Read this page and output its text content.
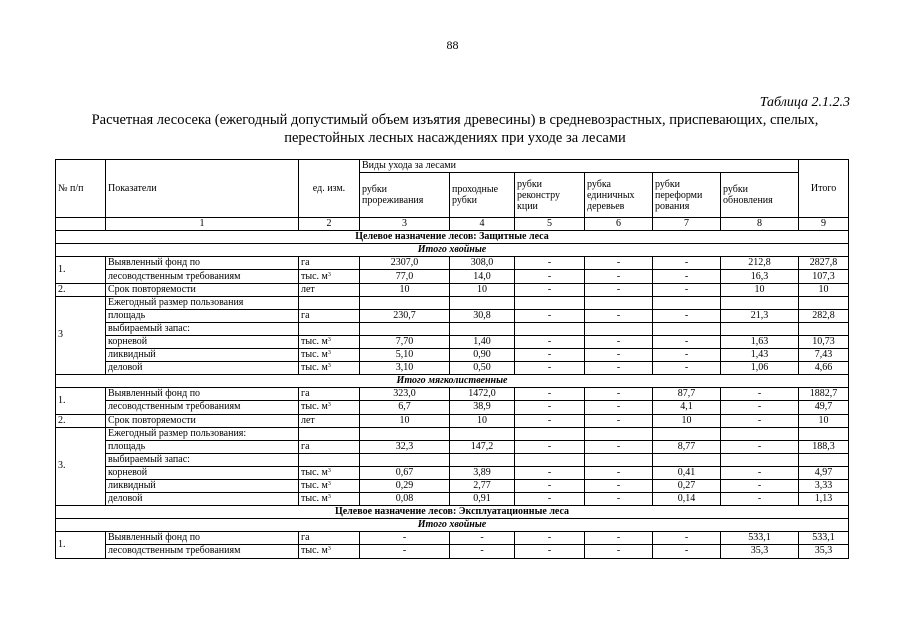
88
Таблица 2.1.2.3
Расчетная лесосека (ежегодный допустимый объем изъятия древесины) в средневозрастных, приспевающих, спелых,
перестойных лесных насаждениях при уходе за лесами
№ п/п	Показатели	ед. изм.	Виды ухода за лесами						Итого
			рубки прореживания	проходные рубки	рубки реконстру кции	рубка единичных деревьев	рубки переформи рования	рубки обновления	
	1	2	3	4	5	6	7	8	9
Целевое назначение лесов: Защитные леса									
Итого хвойные									
1.	Выявленный фонд по	га	2307,0	308,0	-	-	-	212,8	2827,8
	лесоводственным требованиям	тыс. $м^3$	77,0	14,0	-	-	-	16,3	107,3
2.	Срок повторяемости	лет	10	10	-	-	-	10	10
3	Ежегодный размер пользования								
	площадь	га	230,7	30,8	-	-	-	21,3	282,8
	выбираемый запас:								
	корневой	тыс. $м^3$	7,70	1,40	-	-	-	1,63	10,73
	ликвидный	тыс. $м^3$	5,10	0,90	-	-	-	1,43	7,43
	деловой	тыс. $м^3$	3,10	0,50	-	-	-	1,06	4,66
Итого мягколиственные									
1.	Выявленный фонд по	га	323,0	1472,0	-	-	87,7	-	1882,7
	лесоводственным требованиям	тыс. $м^3$	6,7	38,9	-	-	4,1	-	49,7
2.	Срок повторяемости	лет	10	10	-	-	10	-	10
3.	Ежегодный размер пользования:								
	площадь	га	32,3	147,2	-	-	8,77	-	188,3
	выбираемый запас:								
	корневой	тыс. $м^3$	0,67	3,89	-	-	0,41	-	4,97
	ликвидный	тыс. $м^3$	0,29	2,77	-	-	0,27	-	3,33
	деловой	тыс. $м^3$	0,08	0,91	-	-	0,14	-	1,13
Целевое назначение лесов: Эксплуатационные леса									
Итого хвойные									
1.	Выявленный фонд по	га	-	-	-	-	-	533,1	533,1
	лесоводственным требованиям	тыс. $м^3$	-	-	-	-	-	35,3	35,3
